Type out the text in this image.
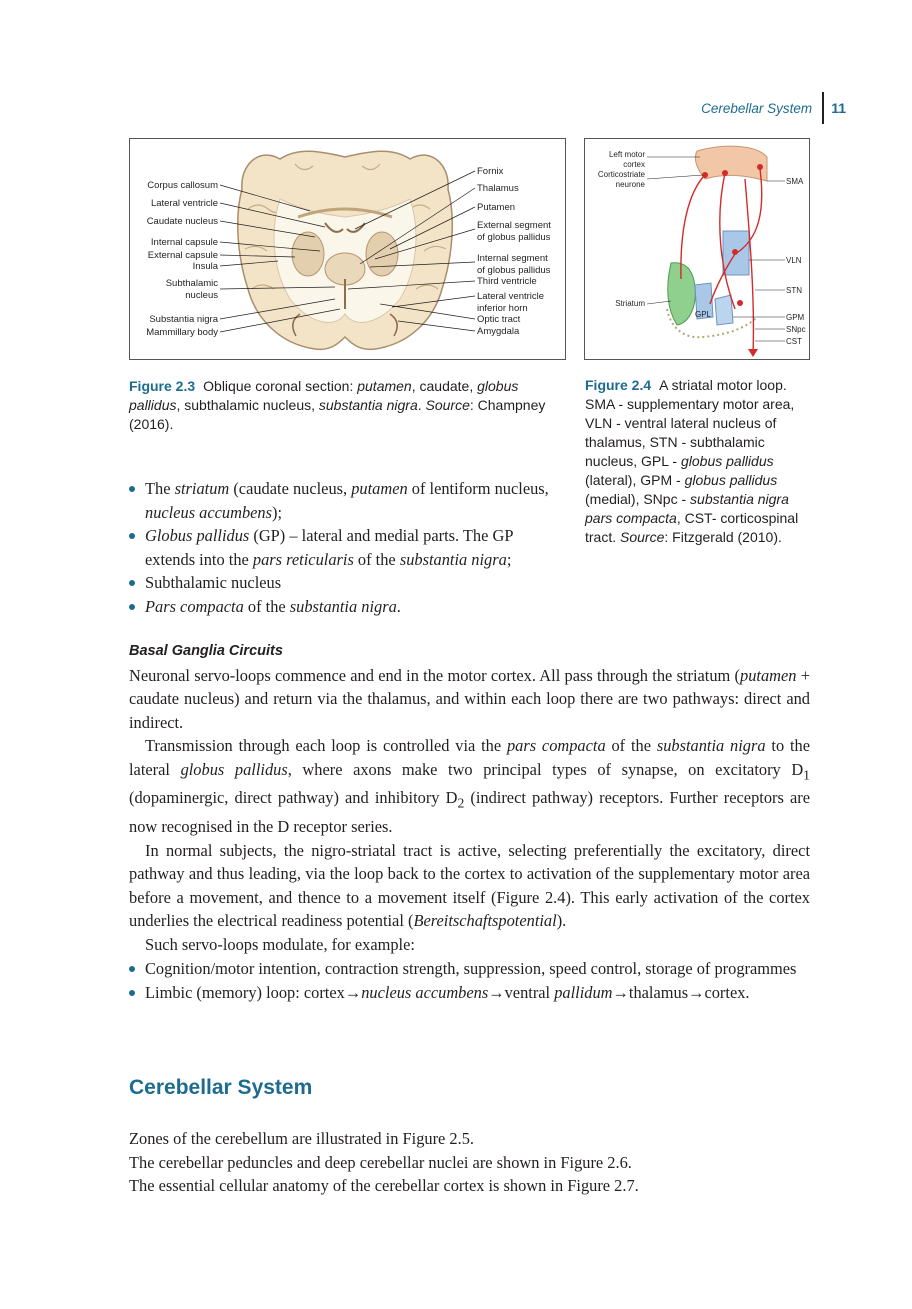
Cerebellar System	11
Corpus callosum
Lateral ventricle
Caudate nucleus
Internal capsule
External capsule
Insula
Subthalamic
nucleus
Substantia nigra
Mammillary body
Fornix
Thalamus
Putamen
External segment
of globus pallidus
Internal segment
of globus pallidus
Third ventricle
Lateral ventricle
inferior horn
Optic tract
Amygdala
Left motor
cortex
Corticostriate
neurone	SMA
VLN
STN
GPM
SNpc
CST
Striatum
GPL
Figure 2.3 Oblique coronal section: putamen, caudate, globus pallidus, subthalamic nucleus, substantia nigra. Source: Champney (2016).
Figure 2.4 A striatal motor loop. SMA - supplementary motor area, VLN - ventral lateral nucleus of thalamus, STN - subthalamic nucleus, GPL - globus pallidus (lateral), GPM - globus pallidus (medial), SNpc - substantia nigra pars compacta, CST- corticospinal tract. Source: Fitzgerald (2010).
The striatum (caudate nucleus, putamen of lentiform nucleus, nucleus accumbens);
Globus pallidus (GP) – lateral and medial parts. The GP extends into the pars reticularis of the substantia nigra;
Subthalamic nucleus
Pars compacta of the substantia nigra.
Basal Ganglia Circuits

Neuronal servo-loops commence and end in the motor cortex. All pass through the striatum (putamen + caudate nucleus) and return via the thalamus, and within each loop there are two pathways: direct and indirect.

Transmission through each loop is controlled via the pars compacta of the substantia nigra to the lateral globus pallidus, where axons make two principal types of synapse, on excitatory $D_1$ (dopaminergic, direct pathway) and inhibitory $D_2$ (indirect pathway) receptors. Further receptors are now recognised in the D receptor series.

In normal subjects, the nigro-striatal tract is active, selecting preferentially the excitatory, direct pathway and thus leading, via the loop back to the cortex to activation of the supplementary motor area before a movement, and thence to a movement itself (Figure 2.4). This early activation of the cortex underlies the electrical readiness potential (Bereitschaftspotential).

Such servo-loops modulate, for example:

Cognition/motor intention, contraction strength, suppression, speed control, storage of programmes
Limbic (memory) loop: cortex→nucleus accumbens→ventral pallidum→thalamus→cortex.
Cerebellar System
Zones of the cerebellum are illustrated in Figure 2.5.
The cerebellar peduncles and deep cerebellar nuclei are shown in Figure 2.6.
The essential cellular anatomy of the cerebellar cortex is shown in Figure 2.7.
